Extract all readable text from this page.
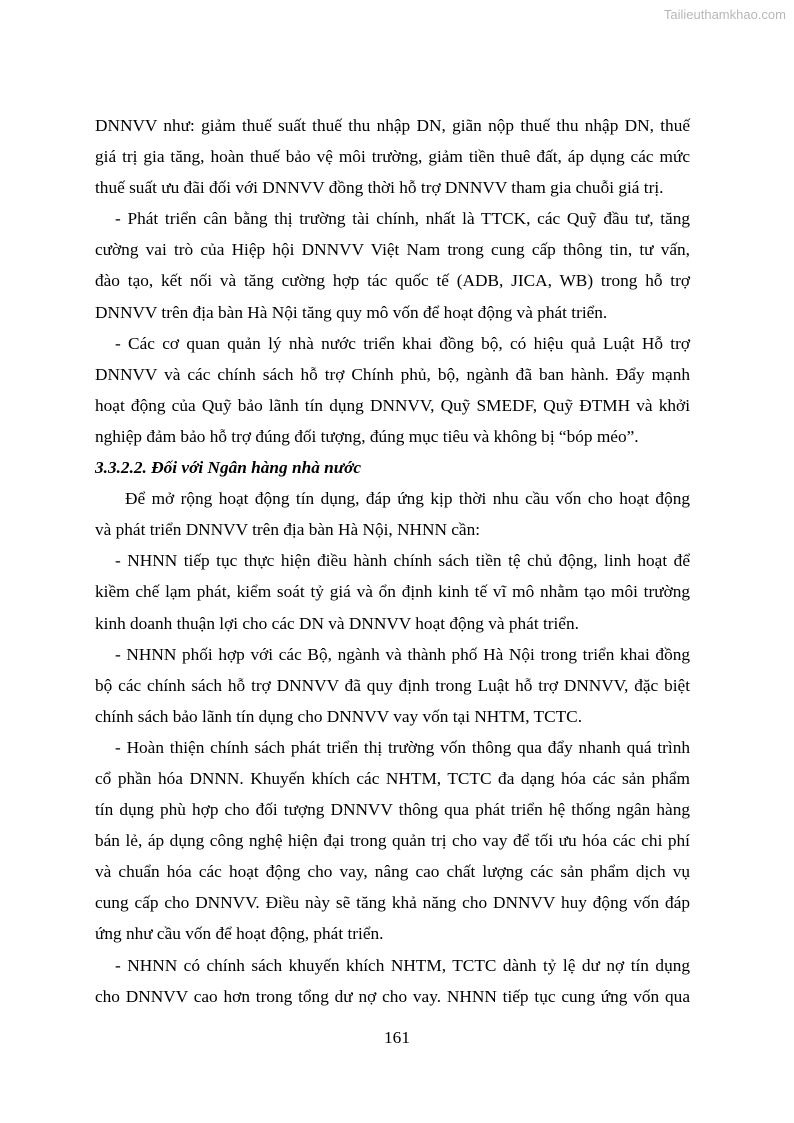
Tailieuthamkhao.com
DNNVV như: giảm thuế suất thuế thu nhập DN, giãn nộp thuế thu nhập DN, thuế
giá trị gia tăng, hoàn thuế bảo vệ môi trường, giảm tiền thuê đất, áp dụng các mức
thuế suất ưu đãi đối với DNNVV đồng thời hỗ trợ DNNVV tham gia chuỗi giá trị.
- Phát triển cân bằng thị trường tài chính, nhất là TTCK, các Quỹ đầu tư, tăng
cường vai trò của Hiệp hội DNNVV Việt Nam trong cung cấp thông tin, tư vấn,
đào tạo, kết nối và tăng cường hợp tác quốc tế (ADB, JICA, WB) trong hỗ trợ
DNNVV trên địa bàn Hà Nội tăng quy mô vốn để hoạt động và phát triển.
- Các cơ quan quản lý nhà nước triển khai đồng bộ, có hiệu quả Luật Hỗ trợ
DNNVV và các chính sách hỗ trợ Chính phủ, bộ, ngành đã ban hành. Đẩy mạnh
hoạt động của Quỹ bảo lãnh tín dụng DNNVV, Quỹ SMEDF, Quỹ ĐTMH và khởi
nghiệp đảm bảo hỗ trợ đúng đối tượng, đúng mục tiêu và không bị “bóp méo”.
3.3.2.2. Đối với Ngân hàng nhà nước
Để mở rộng hoạt động tín dụng, đáp ứng kịp thời nhu cầu vốn cho hoạt động
và phát triển DNNVV trên địa bàn Hà Nội, NHNN cần:
- NHNN tiếp tục thực hiện điều hành chính sách tiền tệ chủ động, linh hoạt để
kiềm chế lạm phát, kiểm soát tỷ giá và ổn định kinh tế vĩ mô nhằm tạo môi trường
kinh doanh thuận lợi cho các DN và DNNVV hoạt động và phát triển.
- NHNN phối hợp với các Bộ, ngành và thành phố Hà Nội trong triển khai đồng
bộ các chính sách hỗ trợ DNNVV đã quy định trong Luật hỗ trợ DNNVV, đặc biệt
chính sách bảo lãnh tín dụng cho DNNVV vay vốn tại NHTM, TCTC.
- Hoàn thiện chính sách phát triển thị trường vốn thông qua đẩy nhanh quá trình
cổ phần hóa DNNN. Khuyến khích các NHTM, TCTC đa dạng hóa các sản phẩm
tín dụng phù hợp cho đối tượng DNNVV thông qua phát triển hệ thống ngân hàng
bán lẻ, áp dụng công nghệ hiện đại trong quản trị cho vay để tối ưu hóa các chi phí
và chuẩn hóa các hoạt động cho vay, nâng cao chất lượng các sản phẩm dịch vụ
cung cấp cho DNNVV. Điều này sẽ tăng khả năng cho DNNVV huy động vốn đáp
ứng như cầu vốn để hoạt động, phát triển.
- NHNN có chính sách khuyến khích NHTM, TCTC dành tỷ lệ dư nợ tín dụng
cho DNNVV cao hơn trong tổng dư nợ cho vay. NHNN tiếp tục cung ứng vốn qua
161
